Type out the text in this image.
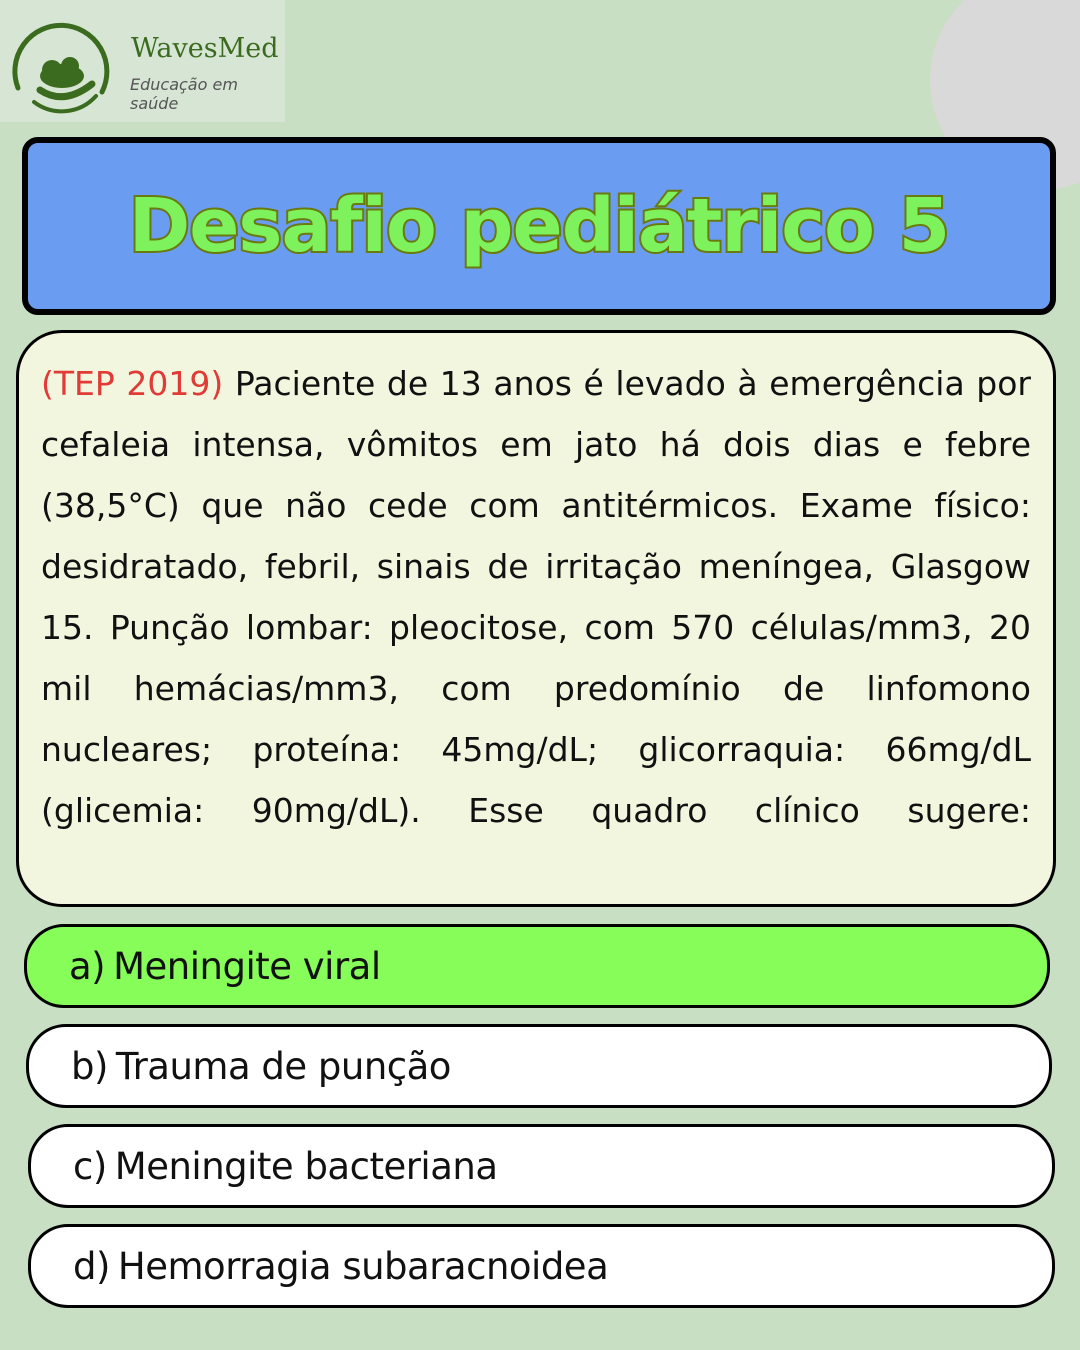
WavesMed
Educação em saúde
Desafio pediátrico 5

(TEP 2019) Paciente de 13 anos é levado à emergência por cefaleia intensa, vômitos em jato há dois dias e febre (38,5°C) que não cede com antitérmicos. Exame físico: desidratado, febril, sinais de irritação meníngea, Glasgow 15. Punção lombar: pleocitose, com 570 células/mm3, 20 mil hemácias/mm3, com predomínio de linfomono nucleares; proteína: 45mg/dL; glicorraquia: 66mg/dL (glicemia: 90mg/dL). Esse quadro clínico sugere:

a) Meningite viral
b) Trauma de punção
c) Meningite bacteriana
d) Hemorragia subaracnoidea
